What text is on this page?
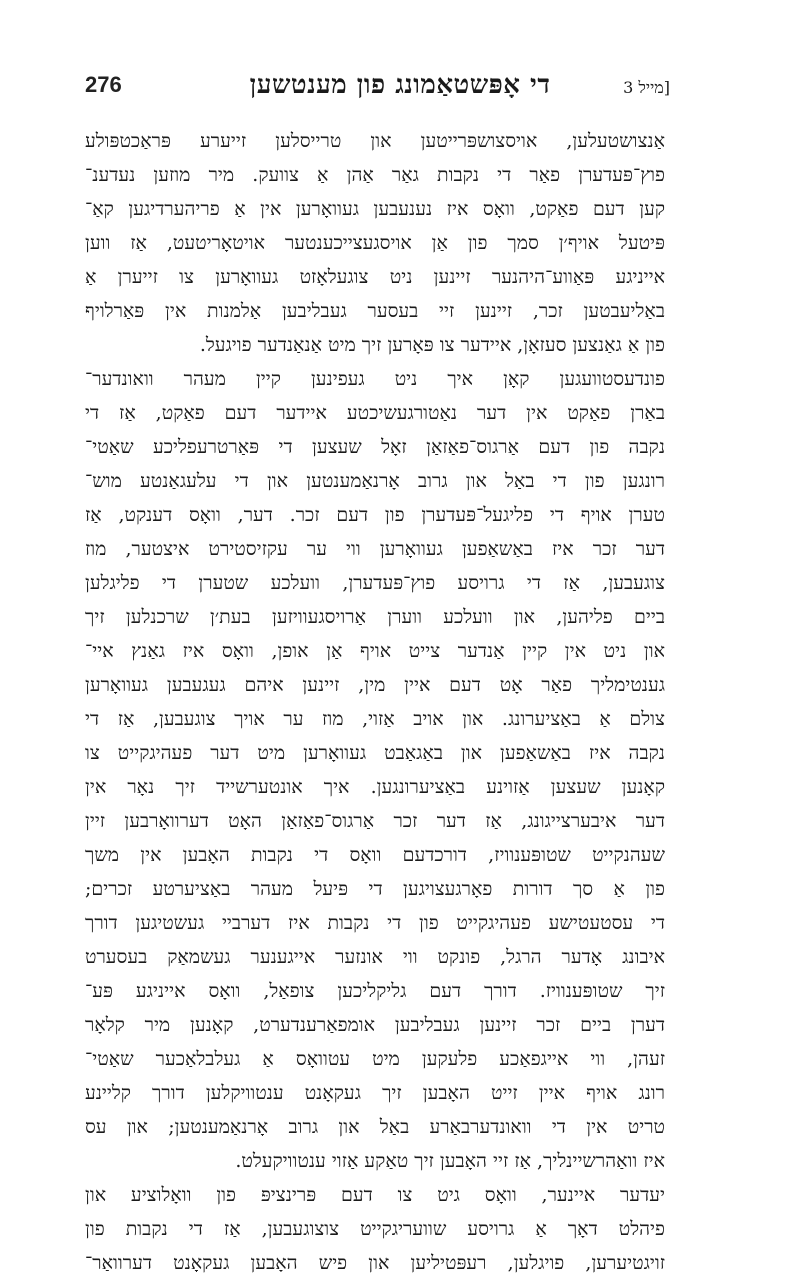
276	די אָפּשטאַמונג פון מענטשען	[מייל 3
אַנצושטעלען, אויסצושפּרייטען און טרייסלען זייערע פּראַכטפּולע
פוץ־פּעדערן פאַר די נקבות גאַר אַהן אַ צוועק. מיר מוזען נעדענ־
קען דעם פאַקט, וואָס איז נענעבען געוואָרען אין אַ פריהערדיגען קאַ־
פּיטעל אויף׳ן סמך פון אַן אויסגעצייכענטער אויטאָריטעט, אַז ווען
אייניגע פּאַווע־היהנער זיינען ניט צוגעלאָזט געוואָרען צו זייערן אַ
באַליעבטען זכר, זיינען זיי בעסער געבליבען אַלמנות אין פּאַרלויף
פון אַ גאַנצען סעזאָן, איידער צו פּאָרען זיך מיט אַנאַנדער פויגעל.
פונדעסטוועגען קאָן איך ניט געפינען קיין מעהר וואונדער־
באַרן פאַקט אין דער נאַטורגעשיכטע איידער דעם פאַקט, אַז די
נקבה פון דעם אַרגוס־פאַזאַן זאָל שעצען די פּאַרטרעפליכע שאַטי־
רונגען פון די באַל און גרוב אָרנאַמענטען און די עלעגאַנטע מוש־
טערן אויף די פליגעל־פּעדערן פון דעם זכר. דער, וואָס דענקט, אַז
דער זכר איז באַשאַפען געוואָרען ווי ער עקזיסטירט איצטער, מוז
צוגעבען, אַז די גרויסע פוץ־פּעדערן, וועלכע שטערן די פליגלען
ביים פליהען, און וועלכע ווערן אַרויסגעוויזען בעת׳ן שרכנלען זיך
און ניט אין קיין אַנדער צייט אויף אַן אופן, וואָס איז גאַנץ איי־
גענטימליך פאַר אָט דעם איין מין, זיינען איהם געגעבען געוואָרען
צולם אַ באַציערונג. און אויב אַזוי, מוז ער אויך צוגעבען, אַז די
נקבה איז באַשאַפען און באַגאַבט געוואָרען מיט דער פעהיגקייט צו
קאָנען שעצען אַזוינע באַציערונגען. איך אונטערשייד זיך נאָר אין
דער איבערצייגונג, אַז דער זכר אַרגוס־פאַזאַן האָט דערוואָרבען זיין
שעהנקייט שטופּענוויז, דורכדעם וואָס די נקבות האָבען אין משך
פון אַ סך דורות פאָרגעצויגען די פּיעל מעהר באַציערטע זכרים;
די עסטעטישע פעהיגקייט פון די נקבות איז דערביי געשטיגען דורך
איבונג אָדער הרגל, פונקט ווי אונזער אייגענער געשמאַק בעסערט
זיך שטופּענוויז. דורך דעם גליקליכען צופאַל, וואָס אייניגע פּע־
דערן ביים זכר זיינען געבליבען אומפאַרענדערט, קאָנען מיר קלאָר
זעהן, ווי אייגפאַכע פלעקען מיט עטוואָס אַ געלבלאַכער שאַטי־
רונג אויף איין זייט האָבען זיך געקאָנט ענטוויקלען דורך קליינע
טריט אין די וואונדערבאַרע באַל און גרוב אָרנאַמענטען; און עס
איז וואַהרשיינליך, אַז זיי האָבען זיך טאַקע אַזוי ענטוויקעלט.
יעדער איינער, וואָס גיט צו דעם פּרינציפּ פון וואָלוציע און
פיהלט דאָך אַ גרויסע שוועריגקייט צוצוגעבען, אַז די נקבות פון
זויגטיערען, פויגלען, רעפּטיליען און פיש האָבען געקאָנט דערוואַר־
